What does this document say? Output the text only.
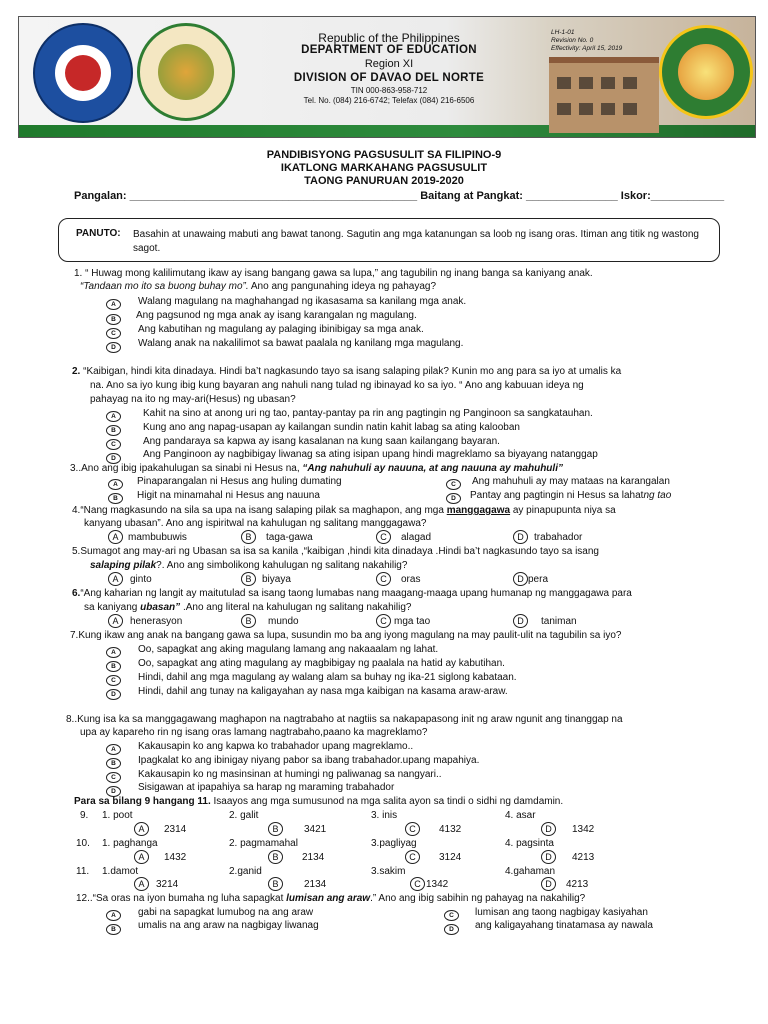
Republic of the Philippines
DEPARTMENT OF EDUCATION
Region XI
DIVISION OF DAVAO DEL NORTE
TIN 000-863-958-712
Tel. No. (084) 216-6742; Telefax (084) 216-6506
LH-1-01
Revision No. 0
Effectivity: April 15, 2019
PANDIBISYONG PAGSUSULIT SA FILIPINO-9
IKATLONG MARKAHANG PAGSUSULIT
TAONG PANURUAN 2019-2020
Pangalan: _______________________________________________ Baitang at Pangkat: _______________ Iskor:____________
PANUTO: Basahin at unawaing mabuti ang bawat tanong. Sagutin ang mga katanungan sa loob ng isang oras. Itiman ang titik ng wastong sagot.
1. “ Huwag mong kalilimutang ikaw ay isang bangang gawa sa lupa,” ang tagubilin ng inang banga sa kaniyang anak.
“Tandaan mo ito sa buong buhay mo”. Ano ang pangunahing ideya ng pahayag?
A	Walang magulang na maghahangad ng ikasasama sa kanilang mga anak.
B	Ang pagsunod ng mga anak ay isang karangalan ng magulang.
C	Ang kabutihan ng magulang ay palaging ibinibigay sa mga anak.
D	Walang anak na nakalilimot sa bawat paalala ng kanilang mga magulang.
2. “Kaibigan, hindi kita dinadaya. Hindi ba’t nagkasundo tayo sa isang salaping pilak? Kunin mo ang para sa iyo at umalis ka
na. Ano sa iyo kung ibig kung bayaran ang nahuli nang tulad ng ibinayad ko sa iyo. “ Ano ang kabuuan ideya ng
pahayag na ito ng may-ari(Hesus) ng ubasan?
A	Kahit na sino at anong uri ng tao, pantay-pantay pa rin ang pagtingin ng Panginoon sa sangkatauhan.
B	Kung ano ang napag-usapan ay kailangan sundin natin kahit labag sa ating kalooban
C	Ang pandaraya sa kapwa ay isang kasalanan na kung saan kailangang bayaran.
D	Ang Panginoon ay nagbibigay liwanag sa ating isipan upang hindi magreklamo sa biyayang natanggap
3..Ano ang ibig ipakahulugan sa sinabi ni Hesus na, “Ang nahuhuli ay nauuna, at ang nauuna ay mahuhuli”
A	Pinaparangalan ni Hesus ang huling dumating
B	Higit na minamahal ni Hesus ang nauuna
C	Ang mahuhuli ay may mataas na karangalan
D	Pantay ang pagtingin ni Hesus sa lahatng tao
4.“Nang magkasundo na sila sa upa na isang salaping pilak sa maghapon, ang mga manggagawa ay pinapupunta niya sa
kanyang ubasan”. Ano ang ispiritwal na kahulugan ng salitang manggagawa?
A mambubuwis	B	taga-gawa	C	alagad	D	trabahador
5.Sumagot ang may-ari ng Ubasan sa isa sa kanila ,“kaibigan ,hindi kita dinadaya .Hindi ba’t nagkasundo tayo sa isang
salaping pilak?. Ano ang simbolikong kahulugan ng salitang nakahilig?
A	ginto	B	biyaya	C	oras	D pera
6.“Ang kaharian ng langit ay maitutulad sa isang taong lumabas nang maagang-maaga upang humanap ng manggagawa para
sa kaniyang ubasan” .Ano ang literal na kahulugan ng salitang nakahilig?
A	henerasyon	B	mundo	C mga tao	D	taniman
7.Kung ikaw ang anak na bangang gawa sa lupa, susundin mo ba ang iyong magulang na may paulit-ulit na tagubilin sa iyo?
A	Oo, sapagkat ang aking magulang lamang ang nakaaalam ng lahat.
B	Oo, sapagkat ang ating magulang ay magbibigay ng paalala na hatid ay kabutihan.
C	Hindi, dahil ang mga magulang ay walang alam sa buhay ng ika-21 siglong kabataan.
D	Hindi, dahil ang tunay na kaligayahan ay nasa mga kaibigan na kasama araw-araw.
8..Kung isa ka sa manggagawang maghapon na nagtrabaho at nagtiis sa nakapapasong init ng araw ngunit ang tinanggap na
upa ay kapareho rin ng isang oras lamang nagtrabaho,paano ka magreklamo?
A	Kakausapin ko ang kapwa ko trabahador upang magreklamo..
B	Ipagkalat ko ang ibinigay niyang pabor sa ibang trabahador.upang mapahiya.
C	Kakausapin ko ng masinsinan at humingi ng paliwanag sa nangyari..
D	Sisigawan at ipapahiya sa harap ng maraming trabahador
Para sa bilang 9 hangang 11. Isaayos ang mga sumusunod na mga salita ayon sa tindi o sidhi ng damdamin.
9. 1. poot	2. galit	3. inis	4. asar
A	2314	B	3421	C	4132	D	1342
10. 1. paghanga	2. pagmamahal	3.pagliyag	4. pagsinta
A	1432	B	2134	C	3124	D	4213
11. 1.damot	2.ganid	3.sakim	4.gahaman
A	3214	B	2134	C 1342	D	4213
12..“Sa oras na iyon bumaha ng luha sapagkat lumisan ang araw.” Ano ang ibig sabihin ng pahayag na nakahilig?
A	gabi na sapagkat lumubog na ang araw
B	umalis na ang araw na nagbigay liwanag
C	lumisan ang taong nagbigay kasiyahan
D	ang kaligayahang tinatamasa ay nawala
